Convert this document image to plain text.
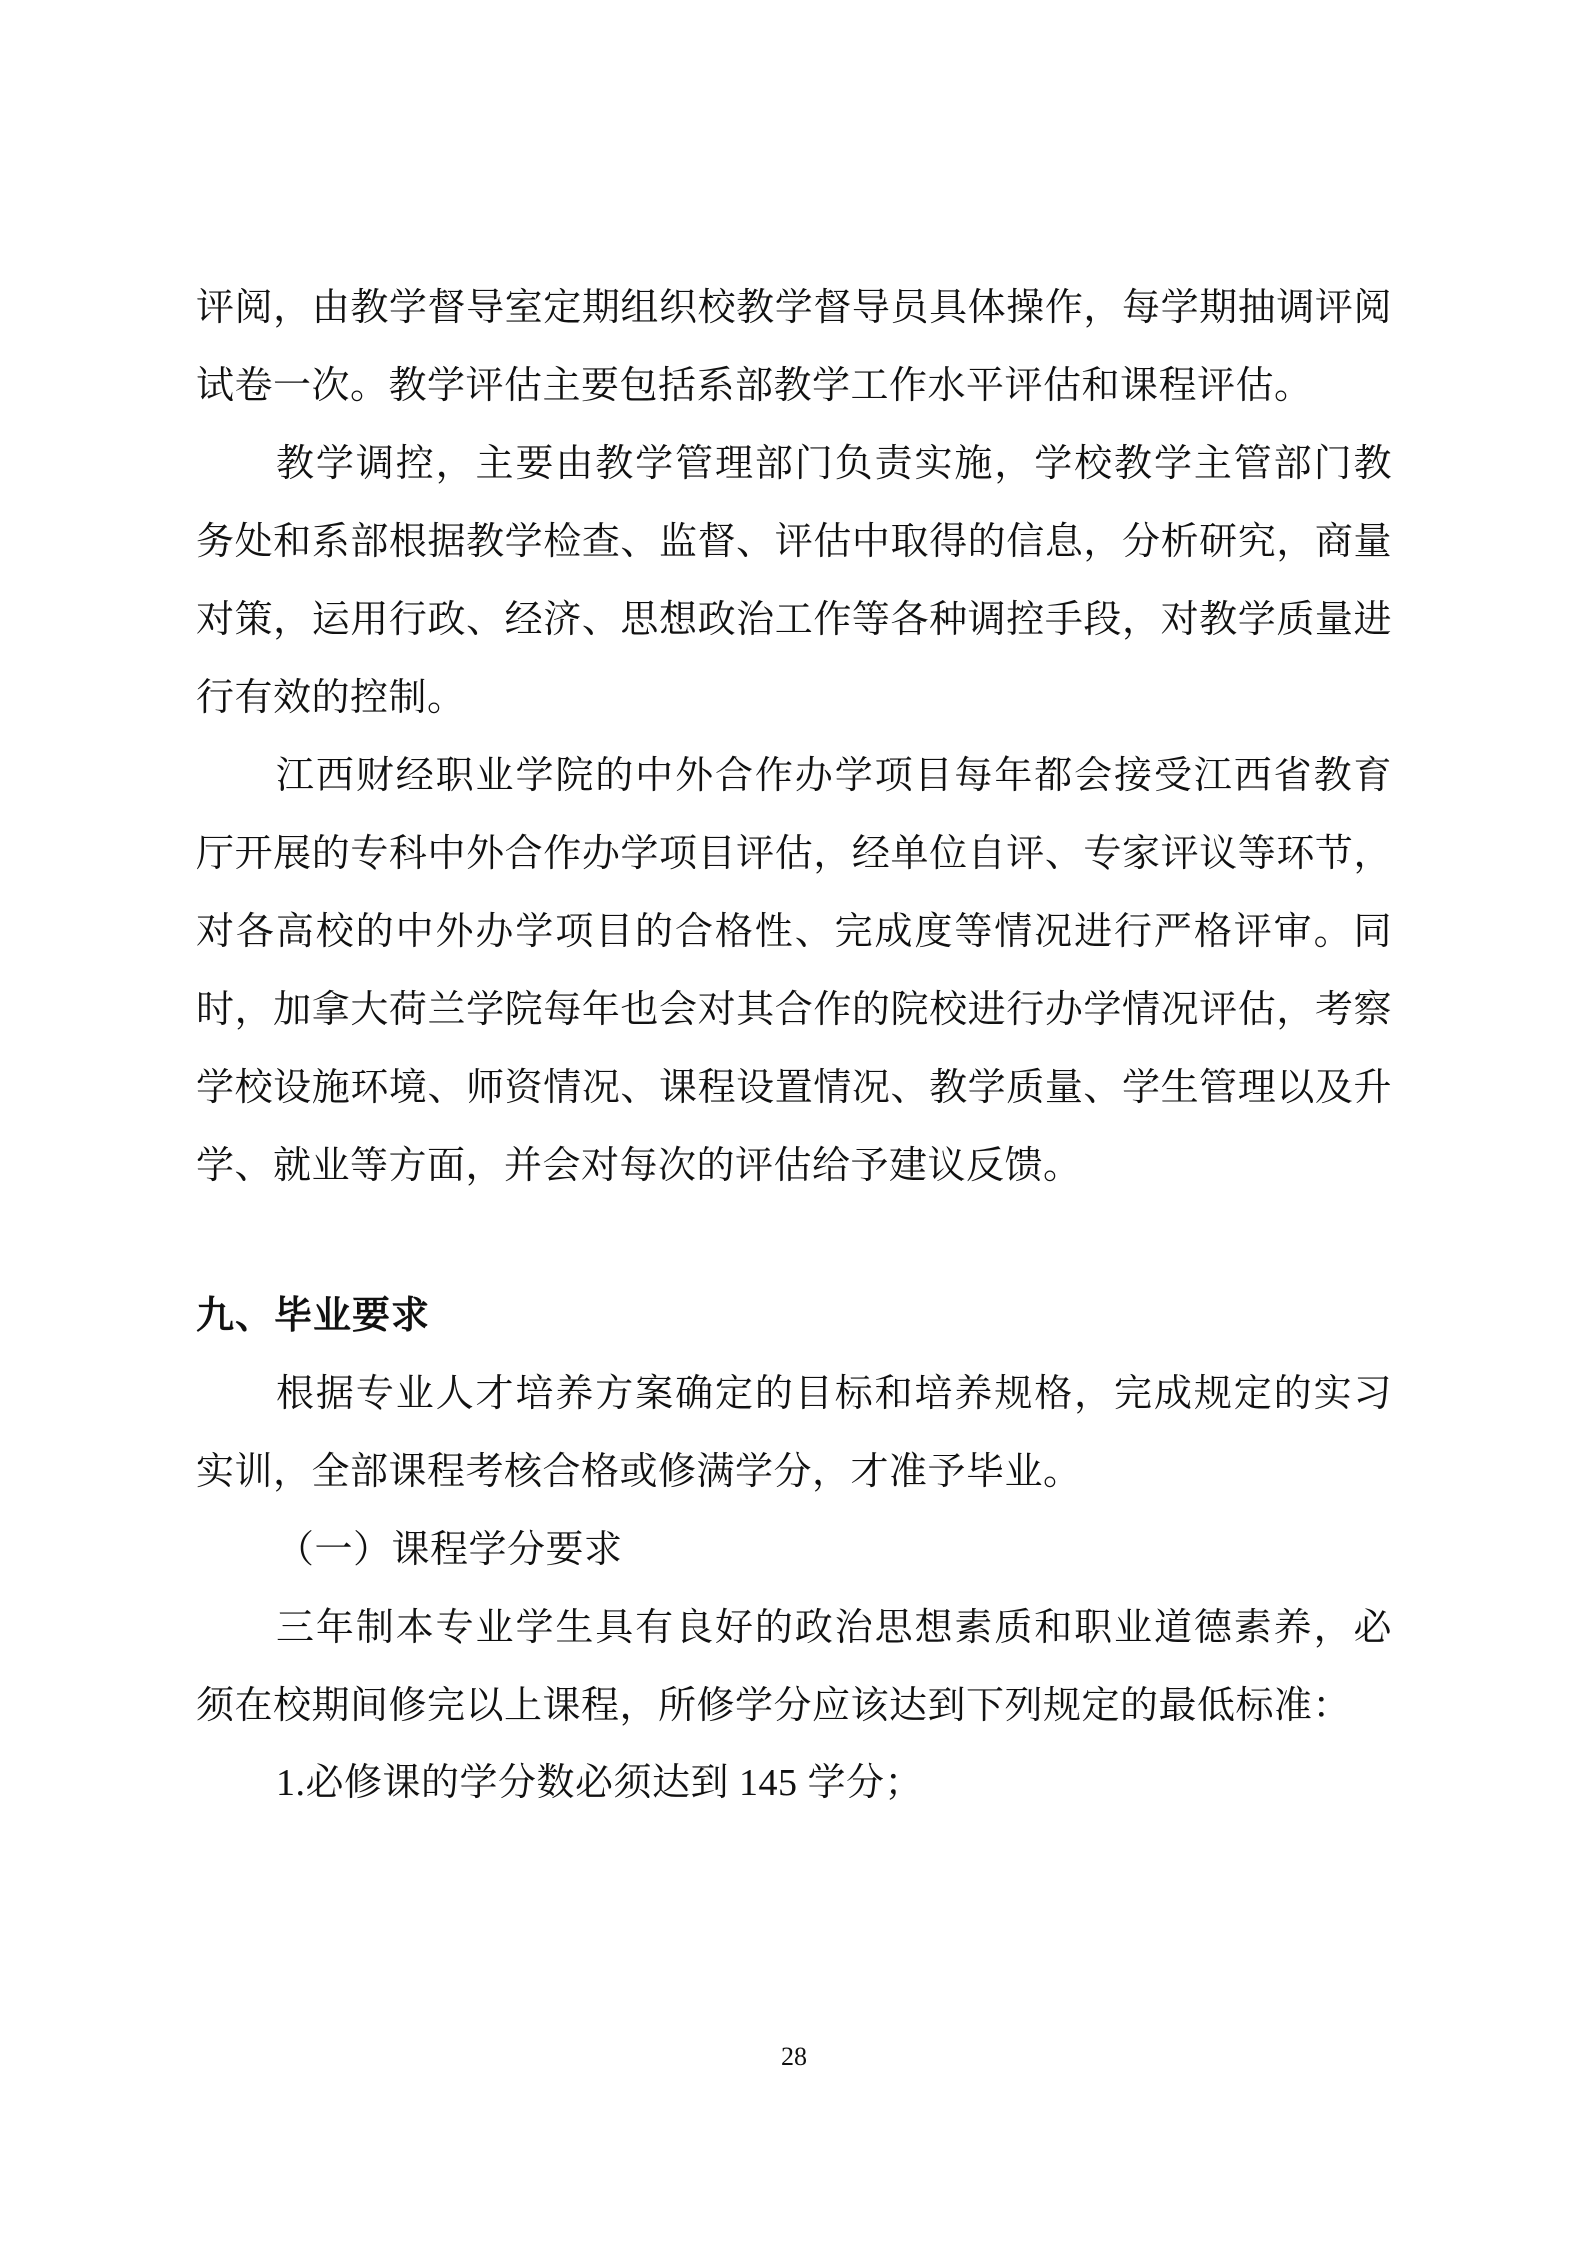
评阅，由教学督导室定期组织校教学督导员具体操作，每学期抽调评阅试卷一次。教学评估主要包括系部教学工作水平评估和课程评估。

教学调控，主要由教学管理部门负责实施，学校教学主管部门教务处和系部根据教学检查、监督、评估中取得的信息，分析研究，商量对策，运用行政、经济、思想政治工作等各种调控手段，对教学质量进行有效的控制。

江西财经职业学院的中外合作办学项目每年都会接受江西省教育厅开展的专科中外合作办学项目评估，经单位自评、专家评议等环节，对各高校的中外办学项目的合格性、完成度等情况进行严格评审。同时，加拿大荷兰学院每年也会对其合作的院校进行办学情况评估，考察学校设施环境、师资情况、课程设置情况、教学质量、学生管理以及升学、就业等方面，并会对每次的评估给予建议反馈。

九、毕业要求

根据专业人才培养方案确定的目标和培养规格，完成规定的实习实训，全部课程考核合格或修满学分，才准予毕业。

（一）课程学分要求

三年制本专业学生具有良好的政治思想素质和职业道德素养，必须在校期间修完以上课程，所修学分应该达到下列规定的最低标准：

1.必修课的学分数必须达到 145 学分；

28
